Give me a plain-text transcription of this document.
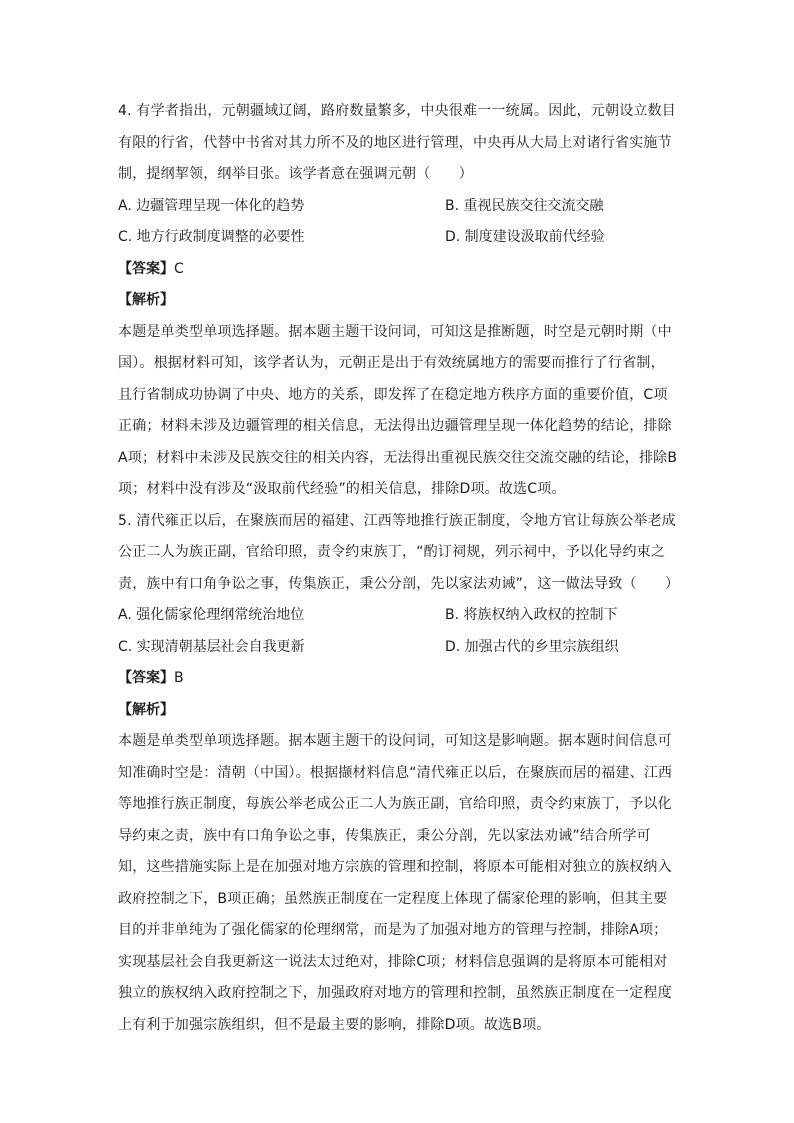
4. 有学者指出，元朝疆域辽阔，路府数量繁多，中央很难一一统属。因此，元朝设立数目有限的行省，代替中书省对其力所不及的地区进行管理，中央再从大局上对诸行省实施节制，提纲挈领，纲举目张。该学者意在强调元朝（　　）

A. 边疆管理呈现一体化的趋势	B. 重视民族交往交流交融
C. 地方行政制度调整的必要性	D. 制度建设汲取前代经验

【答案】C

【解析】

本题是单类型单项选择题。据本题主题干设问词，可知这是推断题，时空是元朝时期（中国）。根据材料可知，该学者认为，元朝正是出于有效统属地方的需要而推行了行省制，且行省制成功协调了中央、地方的关系，即发挥了在稳定地方秩序方面的重要价值，C项正确；材料未涉及边疆管理的相关信息，无法得出边疆管理呈现一体化趋势的结论，排除A项；材料中未涉及民族交往的相关内容，无法得出重视民族交往交流交融的结论，排除B项；材料中没有涉及“汲取前代经验”的相关信息，排除D项。故选C项。

5. 清代雍正以后，在聚族而居的福建、江西等地推行族正制度，令地方官让每族公举老成公正二人为族正副，官给印照，责令约束族丁，“酌订祠规，列示祠中，予以化导约束之责，族中有口角争讼之事，传集族正，秉公分剖，先以家法劝诫”，这一做法导致（　　）

A. 强化儒家伦理纲常统治地位	B. 将族权纳入政权的控制下
C. 实现清朝基层社会自我更新	D. 加强古代的乡里宗族组织

【答案】B

【解析】

本题是单类型单项选择题。据本题主题干的设问词，可知这是影响题。据本题时间信息可知准确时空是：清朝（中国）。根据撷材料信息“清代雍正以后，在聚族而居的福建、江西等地推行族正制度，每族公举老成公正二人为族正副，官给印照，责令约束族丁，予以化导约束之责，族中有口角争讼之事，传集族正，秉公分剖，先以家法劝诫”结合所学可知，这些措施实际上是在加强对地方宗族的管理和控制，将原本可能相对独立的族权纳入政府控制之下，B项正确；虽然族正制度在一定程度上体现了儒家伦理的影响，但其主要目的并非单纯为了强化儒家的伦理纲常，而是为了加强对地方的管理与控制，排除A项；实现基层社会自我更新这一说法太过绝对，排除C项；材料信息强调的是将原本可能相对独立的族权纳入政府控制之下，加强政府对地方的管理和控制，虽然族正制度在一定程度上有利于加强宗族组织，但不是最主要的影响，排除D项。故选B项。
